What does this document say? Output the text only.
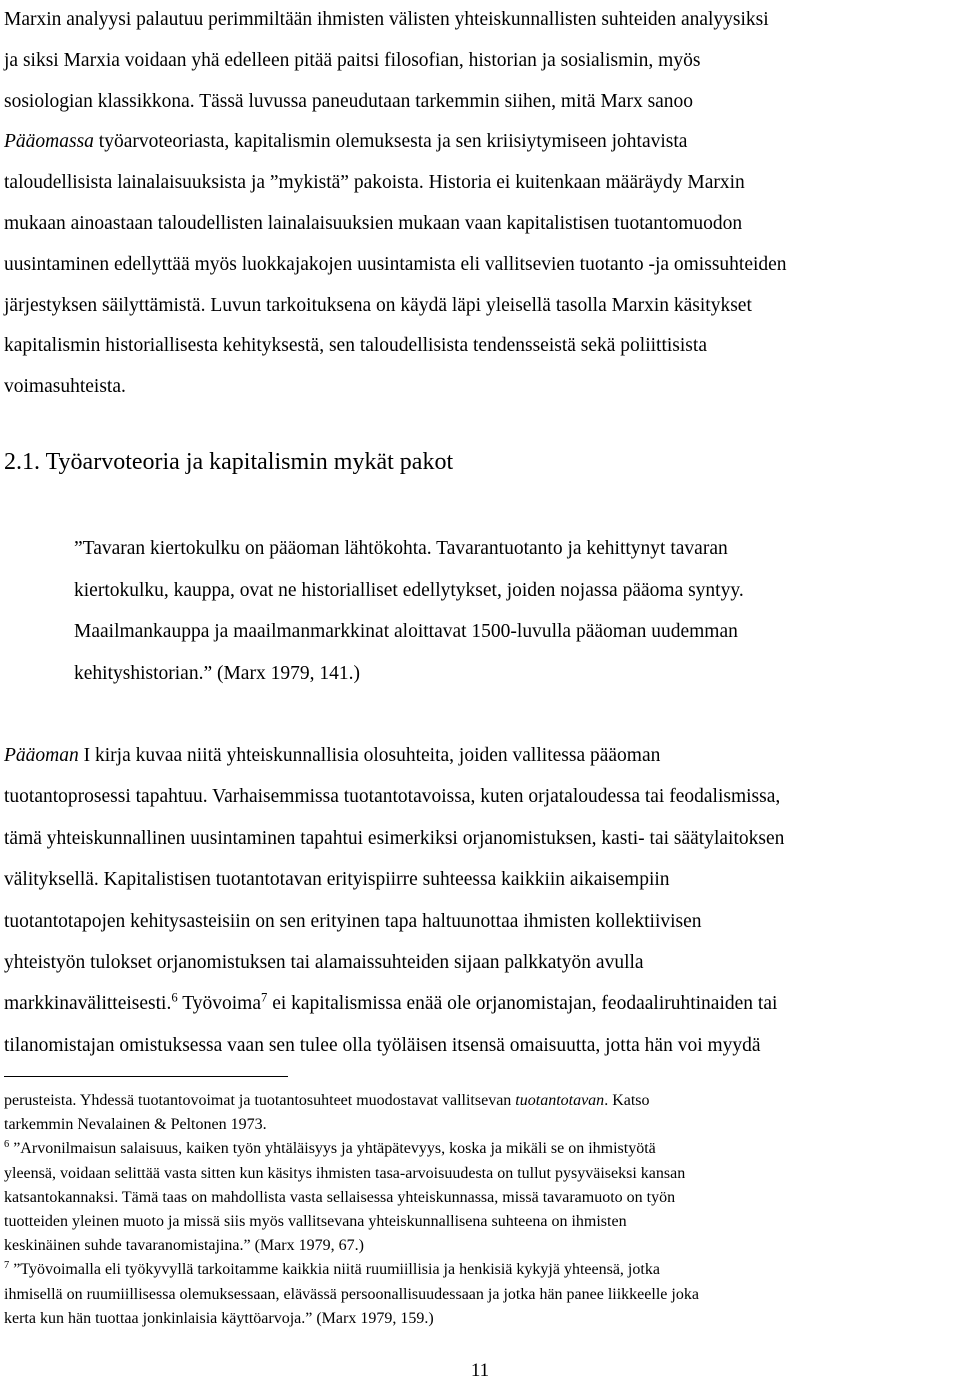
Marxin analyysi palautuu perimmiltään ihmisten välisten yhteiskunnallisten suhteiden analyysiksi
ja siksi Marxia voidaan yhä edelleen pitää paitsi filosofian, historian ja sosialismin, myös
sosiologian klassikkona. Tässä luvussa paneudutaan tarkemmin siihen, mitä Marx sanoo
Pääomassa työarvoteoriasta, kapitalismin olemuksesta ja sen kriisiytymiseen johtavista
taloudellisista lainalaisuuksista ja ”mykistä” pakoista. Historia ei kuitenkaan määräydy Marxin
mukaan ainoastaan taloudellisten lainalaisuuksien mukaan vaan kapitalistisen tuotantomuodon
uusintaminen edellyttää myös luokkajakojen uusintamista eli vallitsevien tuotanto -ja omissuhteiden
järjestyksen säilyttämistä. Luvun tarkoituksena on käydä läpi yleisellä tasolla Marxin käsitykset
kapitalismin historiallisesta kehityksestä, sen taloudellisista tendensseistä sekä poliittisista
voimasuhteista.

2.1. Työarvoteoria ja kapitalismin mykät pakot

”Tavaran kiertokulku on pääoman lähtökohta. Tavarantuotanto ja kehittynyt tavaran
kiertokulku, kauppa, ovat ne historialliset edellytykset, joiden nojassa pääoma syntyy.
Maailmankauppa ja maailmanmarkkinat aloittavat 1500-luvulla pääoman uudemman
kehityshistorian.” (Marx 1979, 141.)

Pääoman I kirja kuvaa niitä yhteiskunnallisia olosuhteita, joiden vallitessa pääoman
tuotantoprosessi tapahtuu. Varhaisemmissa tuotantotavoissa, kuten orjataloudessa tai feodalismissa,
tämä yhteiskunnallinen uusintaminen tapahtui esimerkiksi orjanomistuksen, kasti- tai säätylaitoksen
välityksellä. Kapitalistisen tuotantotavan erityispiirre suhteessa kaikkiin aikaisempiin
tuotantotapojen kehitysasteisiin on sen erityinen tapa haltuunottaa ihmisten kollektiivisen
yhteistyön tulokset orjanomistuksen tai alamaissuhteiden sijaan palkkatyön avulla
markkinavälitteisesti.$^6$ Työvoima$^7$ ei kapitalismissa enää ole orjanomistajan, feodaaliruhtinaiden tai
tilanomistajan omistuksessa vaan sen tulee olla työläisen itsensä omaisuutta, jotta hän voi myydä

perusteista. Yhdessä tuotantovoimat ja tuotantosuhteet muodostavat vallitsevan tuotantotavan. Katso
tarkemmin Nevalainen & Peltonen 1973.

$^6$ ”Arvonilmaisun salaisuus, kaiken työn yhtäläisyys ja yhtäpätevyys, koska ja mikäli se on ihmistyötä
yleensä, voidaan selittää vasta sitten kun käsitys ihmisten tasa-arvoisuudesta on tullut pysyväiseksi kansan
katsantokannaksi. Tämä taas on mahdollista vasta sellaisessa yhteiskunnassa, missä tavaramuoto on työn
tuotteiden yleinen muoto ja missä siis myös vallitsevana yhteiskunnallisena suhteena on ihmisten
keskinäinen suhde tavaranomistajina.” (Marx 1979, 67.)

$^7$ ”Työvoimalla eli työkyvyllä tarkoitamme kaikkia niitä ruumiillisia ja henkisiä kykyjä yhteensä, jotka
ihmisellä on ruumiillisessa olemuksessaan, elävässä persoonallisuudessaan ja jotka hän panee liikkeelle joka
kerta kun hän tuottaa jonkinlaisia käyttöarvoja.” (Marx 1979, 159.)

11
